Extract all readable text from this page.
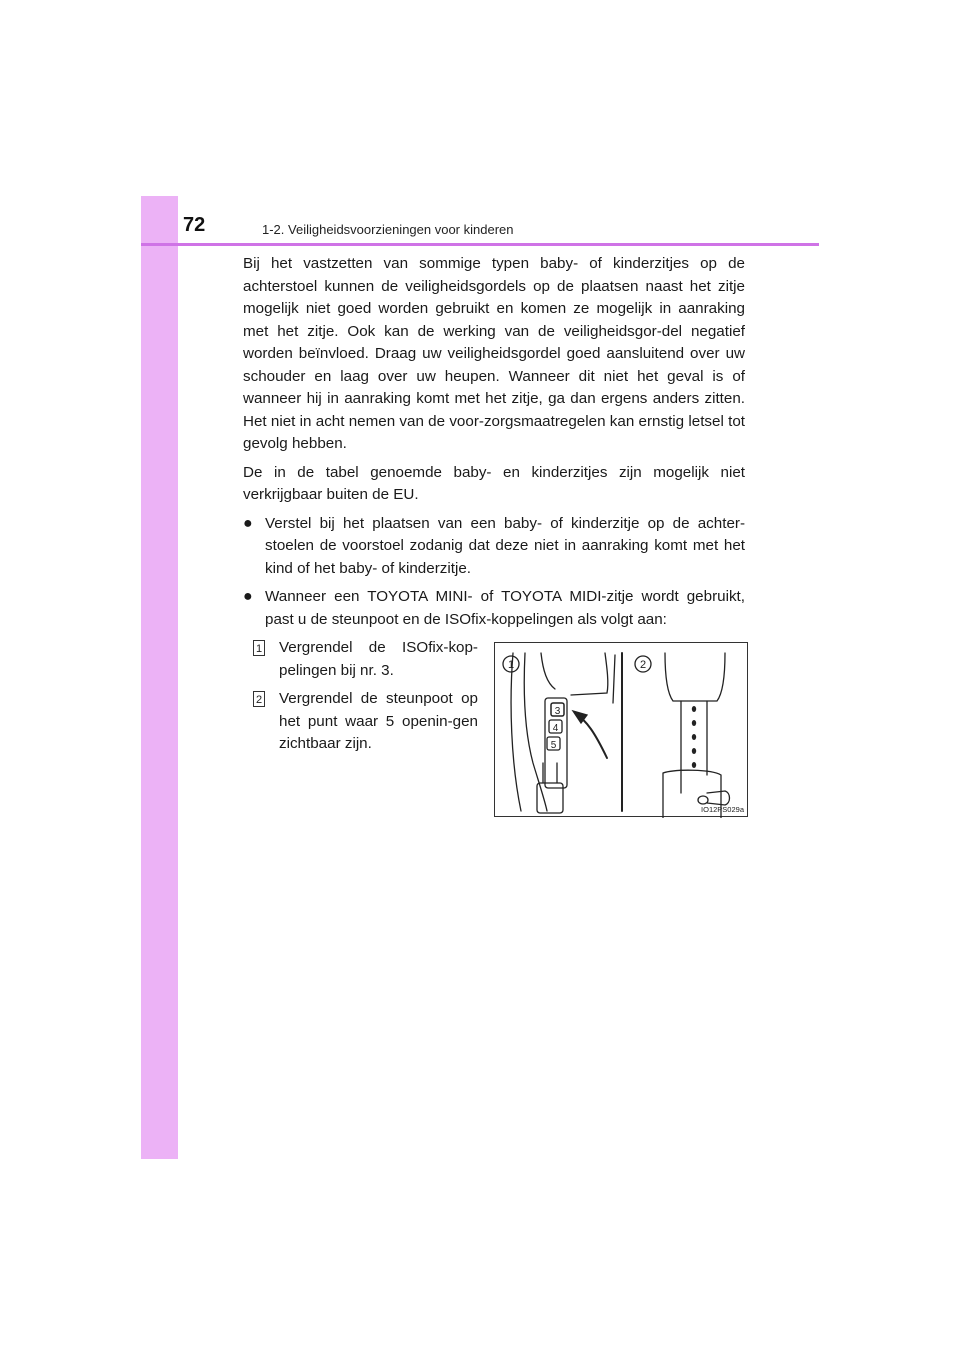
72	1-2. Veiligheidsvoorzieningen voor kinderen

Bij het vastzetten van sommige typen baby- of kinderzitjes op de achterstoel kunnen de veiligheidsgordels op de plaatsen naast het zitje mogelijk niet goed worden gebruikt en komen ze mogelijk in aanraking met het zitje. Ook kan de werking van de veiligheidsgor-del negatief worden beïnvloed. Draag uw veiligheidsgordel goed aansluitend over uw schouder en laag over uw heupen. Wanneer dit niet het geval is of wanneer hij in aanraking komt met het zitje, ga dan ergens anders zitten. Het niet in acht nemen van de voor-zorgsmaatregelen kan ernstig letsel tot gevolg hebben.

De in de tabel genoemde baby- en kinderzitjes zijn mogelijk niet verkrijgbaar buiten de EU.

● Verstel bij het plaatsen van een baby- of kinderzitje op de achter-stoelen de voorstoel zodanig dat deze niet in aanraking komt met het kind of het baby- of kinderzitje.
● Wanneer een TOYOTA MINI- of TOYOTA MIDI-zitje wordt gebruikt, past u de steunpoot en de ISOfix-koppelingen als volgt aan:
1 Vergrendel de ISOfix-kop-pelingen bij nr. 3.
2 Vergrendel de steunpoot op het punt waar 5 openin-gen zichtbaar zijn.
1	2
3
4
5
IO12PS029a
